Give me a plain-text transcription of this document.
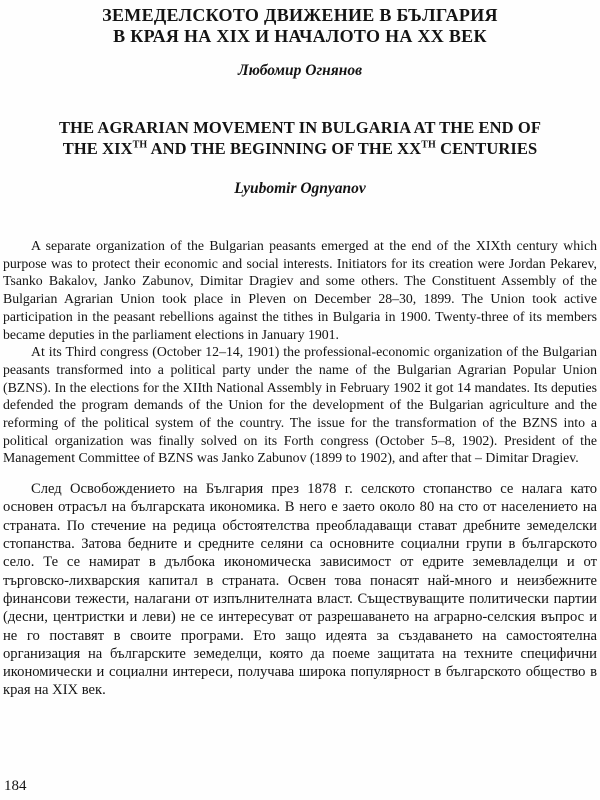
ЗЕМЕДЕЛСКОТО ДВИЖЕНИЕ В БЪЛГАРИЯ
В КРАЯ НА XIX И НАЧАЛОТО НА XX ВЕК
Любомир Огнянов
THE AGRARIAN MOVEMENT IN BULGARIA AT THE END OF
THE XIXTH AND THE BEGINNING OF THE XXTH CENTURIES
Lyubomir Ognyanov

A separate organization of the Bulgarian peasants emerged at the end of the XIXth century which purpose was to protect their economic and social interests. Initiators for its creation were Jordan Pekarev, Tsanko Bakalov, Janko Zabunov, Dimitar Dragiev and some others. The Constituent Assembly of the Bulgarian Agrarian Union took place in Pleven on December 28–30, 1899. The Union took active participation in the peasant rebellions against the tithes in Bulgaria in 1900. Twenty-three of its members became deputies in the parliament elections in January 1901.

At its Third congress (October 12–14, 1901) the professional-economic organization of the Bulgarian peasants transformed into a political party under the name of the Bulgarian Agrarian Popular Union (BZNS). In the elections for the XIIth National Assembly in February 1902 it got 14 mandates. Its deputies defended the program demands of the Union for the development of the Bulgarian agriculture and the reforming of the political system of the country. The issue for the transformation of the BZNS into a political organization was finally solved on its Forth congress (October 5–8, 1902). President of the Management Committee of BZNS was Janko Zabunov (1899 to 1902), and after that – Dimitar Dragiev.

След Освобождението на България през 1878 г. селското стопанство се налага като основен отрасъл на българската икономика. В него е заето около 80 на сто от населението на страната. По стечение на редица обстоятелства преобладаващи стават дребните земеделски стопанства. Затова бедните и средните селяни са основните социални групи в българското село. Те се намират в дълбока икономическа зависимост от едрите земевладелци и от търговско-лихварския капитал в страната. Освен това понасят най-много и неизбежните финансови тежести, налагани от изпълнителната власт. Съществуващите политически партии (десни, центристки и леви) не се интересуват от разрешаването на аграрно-селския въпрос и не го поставят в своите програми. Ето защо идеята за създаването на самостоятелна организация на българските земеделци, която да поеме защитата на техните специфични икономически и социални интереси, получава широка популярност в българското общество в края на XIX век.

184
